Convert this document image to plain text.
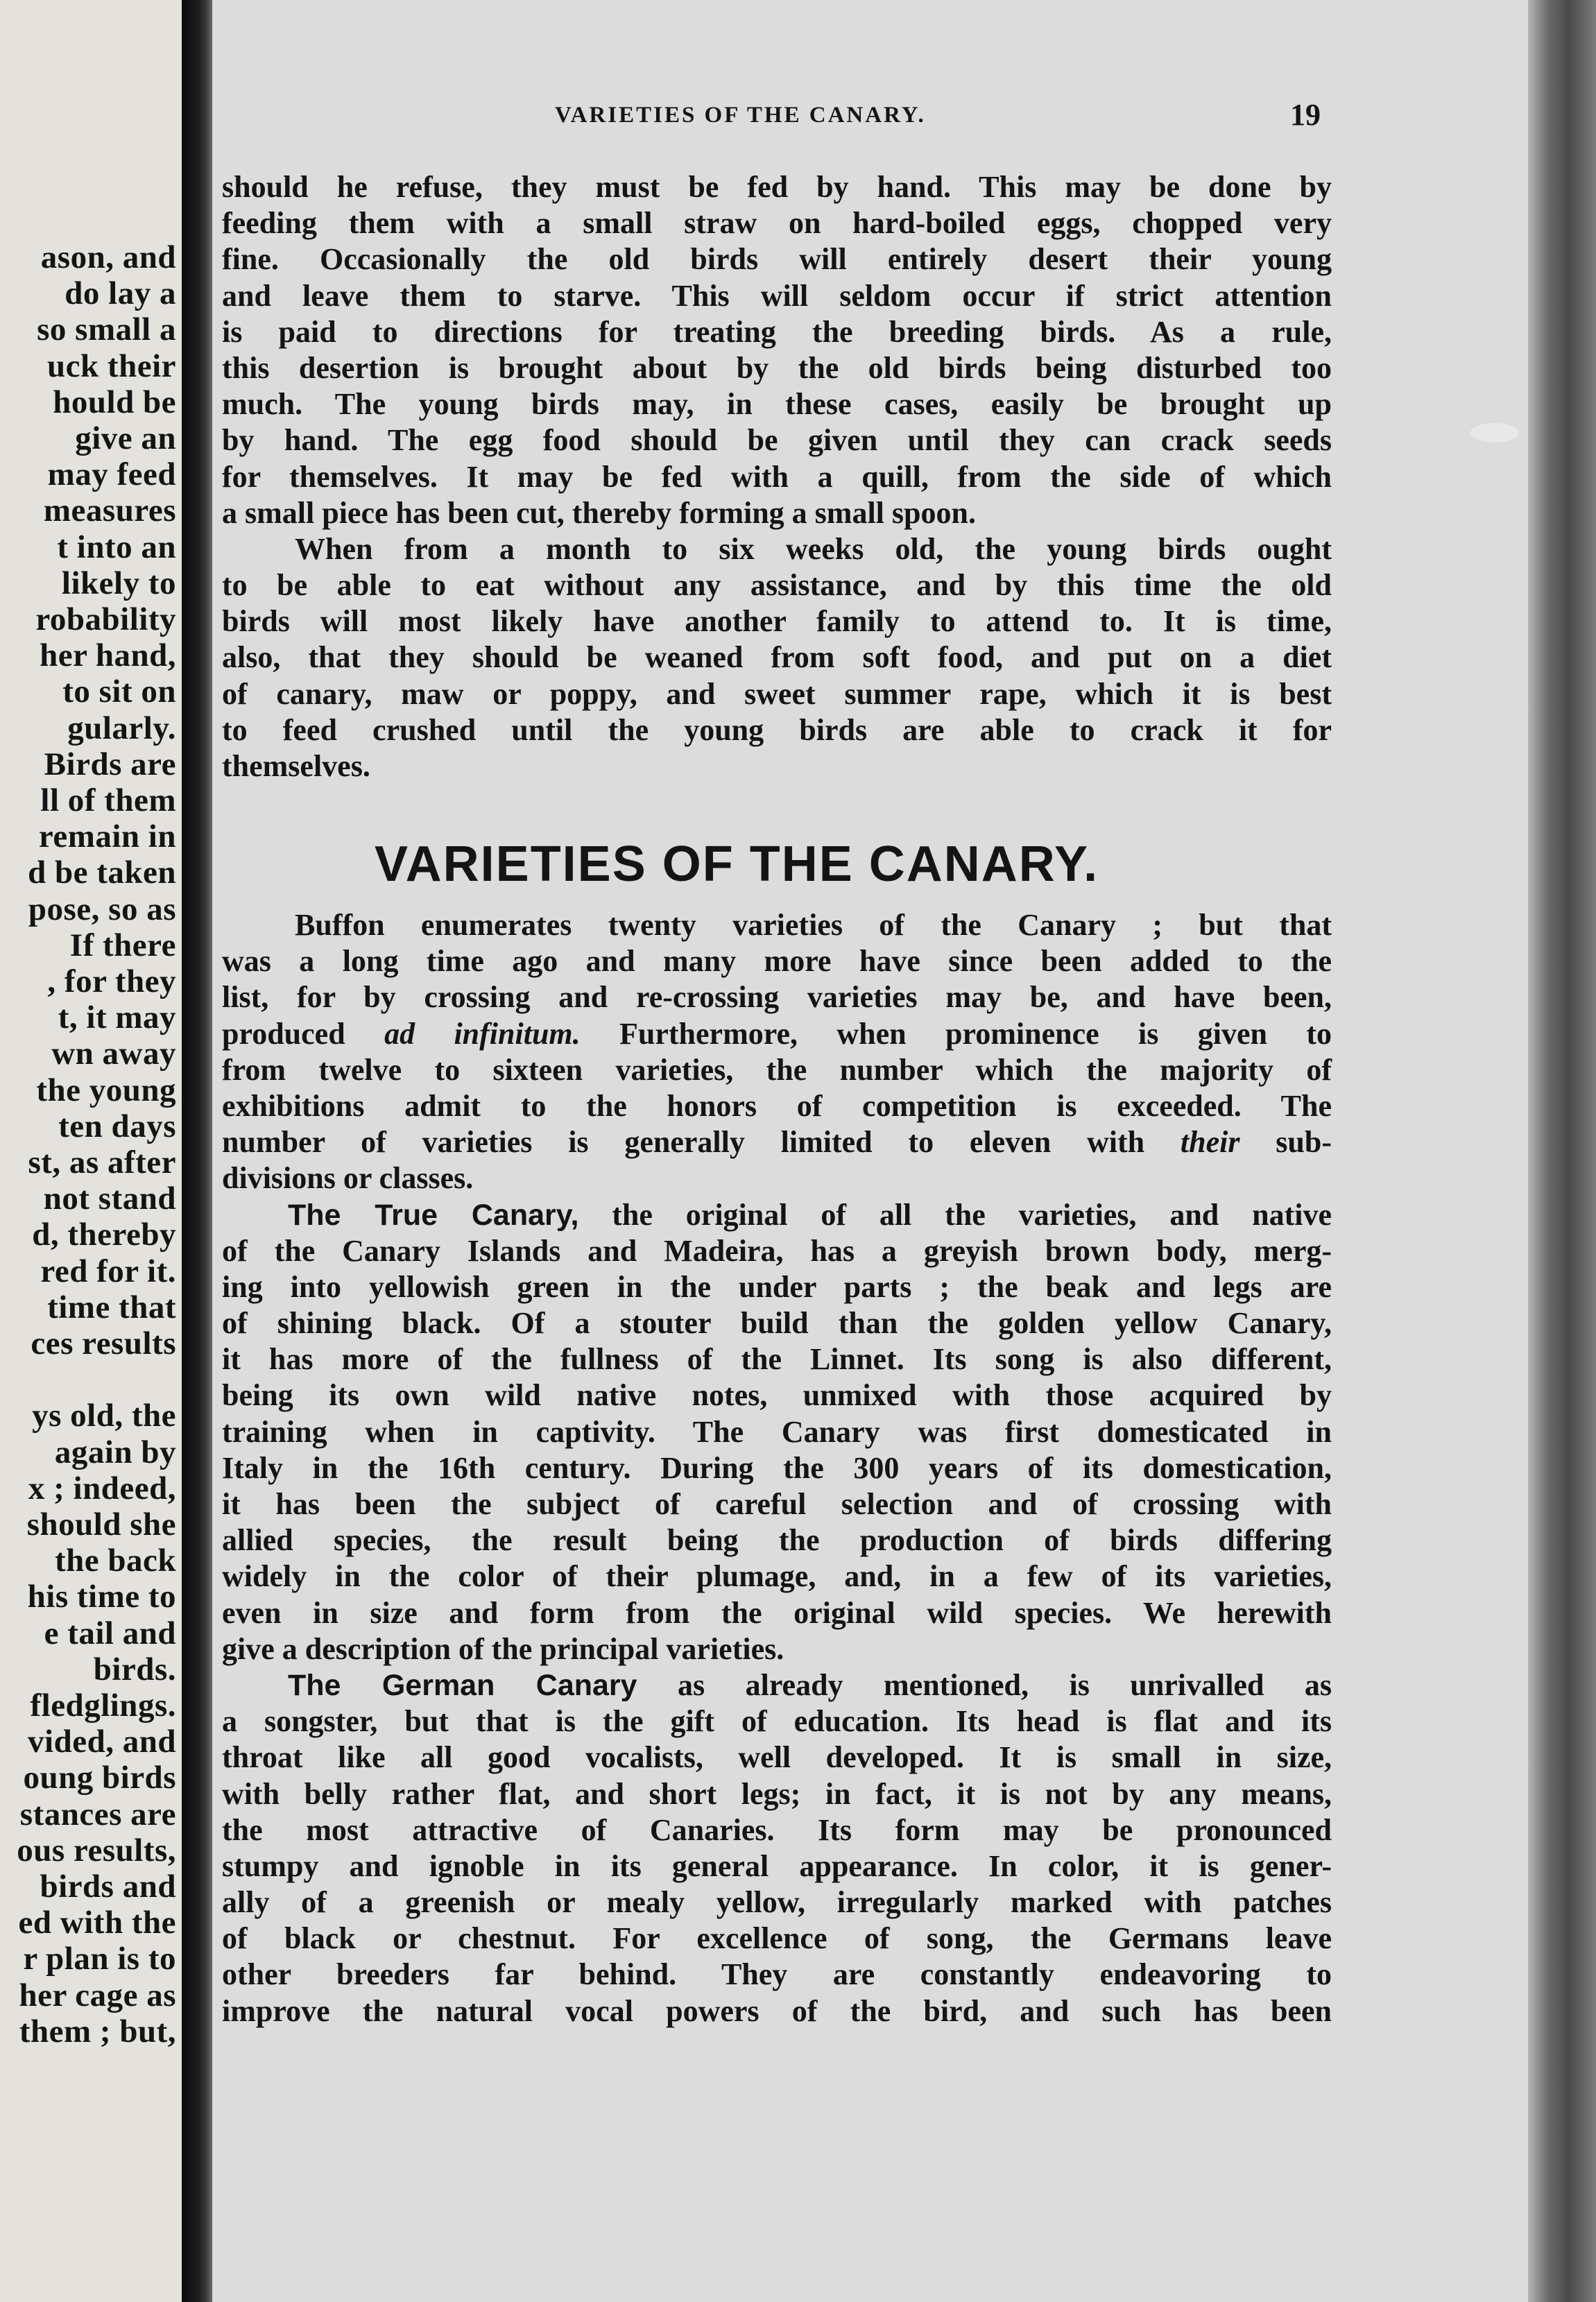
ason, and
do lay a
so small a
uck their
hould be
give an
may feed
measures
t into an
likely to
robability
her hand,
to sit on
gularly.
Birds are
ll of them
remain in
d be taken
pose, so as
If there
, for they
t, it may
wn away
the young
ten days
st, as after
not stand
d, thereby
red for it.
time that
ces results
ys old, the
again by
x ; indeed,
should she
the back
his time to
e tail and
birds.
fledglings.
vided, and
oung birds
stances are
ous results,
birds and
ed with the
r plan is to
her cage as
them ; but,
VARIETIES OF THE CANARY.	19
should he refuse, they must be fed by hand. This may be done by
feeding them with a small straw on hard-boiled eggs, chopped very
fine. Occasionally the old birds will entirely desert their young
and leave them to starve. This will seldom occur if strict attention
is paid to directions for treating the breeding birds. As a rule,
this desertion is brought about by the old birds being disturbed too
much. The young birds may, in these cases, easily be brought up
by hand. The egg food should be given until they can crack seeds
for themselves. It may be fed with a quill, from the side of which
a small piece has been cut, thereby forming a small spoon.
When from a month to six weeks old, the young birds ought
to be able to eat without any assistance, and by this time the old
birds will most likely have another family to attend to. It is time,
also, that they should be weaned from soft food, and put on a diet
of canary, maw or poppy, and sweet summer rape, which it is best
to feed crushed until the young birds are able to crack it for
themselves.
VARIETIES OF THE CANARY.
Buffon enumerates twenty varieties of the Canary ; but that
was a long time ago and many more have since been added to the
list, for by crossing and re-crossing varieties may be, and have been,
produced ad infinitum. Furthermore, when prominence is given to
from twelve to sixteen varieties, the number which the majority of
exhibitions admit to the honors of competition is exceeded. The
number of varieties is generally limited to eleven with their sub-
divisions or classes.
The True Canary, the original of all the varieties, and native
of the Canary Islands and Madeira, has a greyish brown body, merg-
ing into yellowish green in the under parts ; the beak and legs are
of shining black. Of a stouter build than the golden yellow Canary,
it has more of the fullness of the Linnet. Its song is also different,
being its own wild native notes, unmixed with those acquired by
training when in captivity. The Canary was first domesticated in
Italy in the 16th century. During the 300 years of its domestication,
it has been the subject of careful selection and of crossing with
allied species, the result being the production of birds differing
widely in the color of their plumage, and, in a few of its varieties,
even in size and form from the original wild species. We herewith
give a description of the principal varieties.
The German Canary as already mentioned, is unrivalled as
a songster, but that is the gift of education. Its head is flat and its
throat like all good vocalists, well developed. It is small in size,
with belly rather flat, and short legs; in fact, it is not by any means,
the most attractive of Canaries. Its form may be pronounced
stumpy and ignoble in its general appearance. In color, it is gener-
ally of a greenish or mealy yellow, irregularly marked with patches
of black or chestnut. For excellence of song, the Germans leave
other breeders far behind. They are constantly endeavoring to
improve the natural vocal powers of the bird, and such has been
